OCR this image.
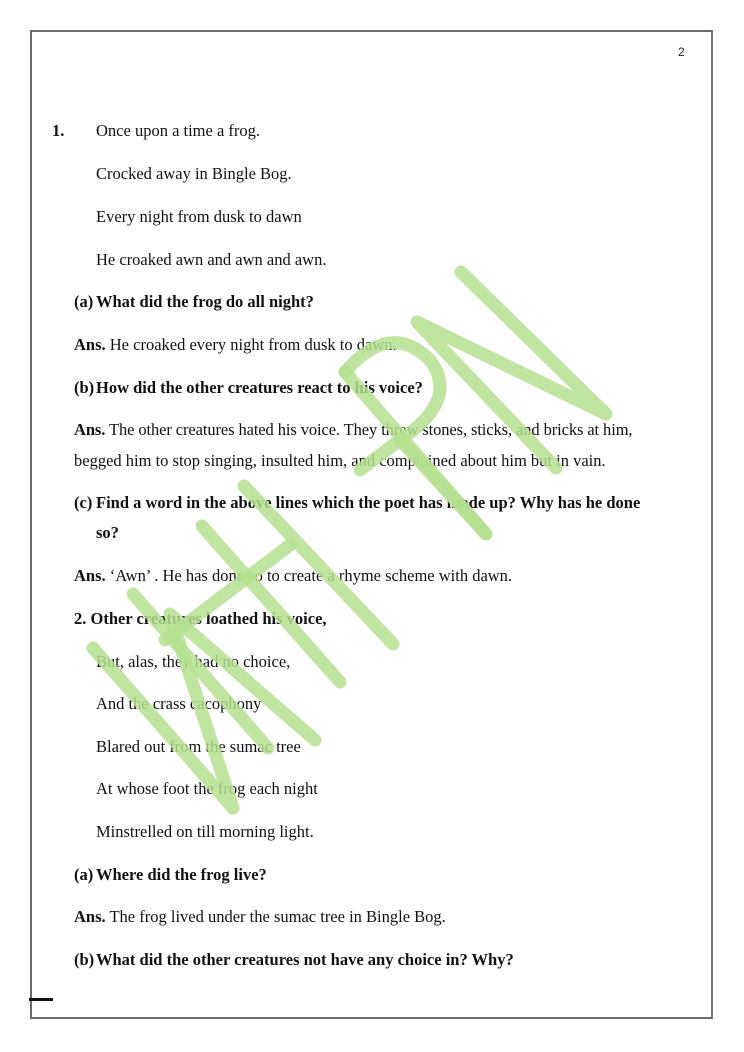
2
1. Once upon a time a frog.
Crocked away in Bingle Bog.
Every night from dusk to dawn
He croaked awn and awn and awn.
(a) What did the frog do all night?
Ans. He croaked every night from dusk to dawn.
(b) How did the other creatures react to his voice?
Ans. The other creatures hated his voice. They threw stones, sticks, and bricks at him,
begged him to stop singing, insulted him, and complained about him but in vain.
(c) Find a word in the above lines which the poet has made up? Why has he done
so?
Ans. ‘Awn’ . He has done so to create a rhyme scheme with dawn.
2. Other creatures loathed his voice,
But, alas, they had no choice,
And the crass cacophony
Blared out from the sumac tree
At whose foot the frog each night
Minstrelled on till morning light.
(a) Where did the frog live?
Ans. The frog lived under the sumac tree in Bingle Bog.
(b) What did the other creatures not have any choice in? Why?
